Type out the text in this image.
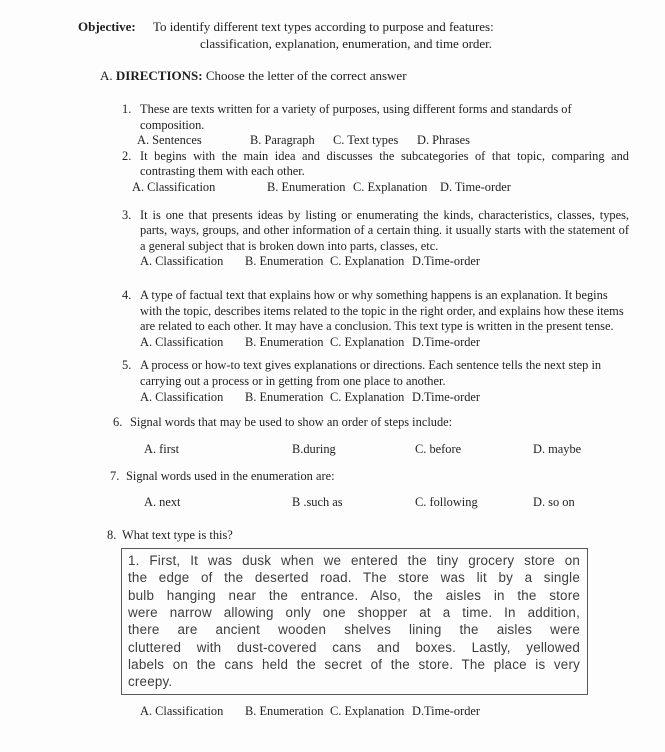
Objective:	To identify different text types according to purpose and features:
classification, explanation, enumeration, and time order.
A. DIRECTIONS: Choose the letter of the correct answer
1. These are texts written for a variety of purposes, using different forms and standards of composition.
A. Sentences	B. Paragraph	C. Text types	D. Phrases
2. It begins with the main idea and discusses the subcategories of that topic, comparing and contrasting them with each other.
A. Classification	B. Enumeration C. Explanation	D. Time-order
3. It is one that presents ideas by listing or enumerating the kinds, characteristics, classes, types, parts, ways, groups, and other information of a certain thing. it usually starts with the statement of a general subject that is broken down into parts, classes, etc.
A. Classification	B. Enumeration C. Explanation D.Time-order
4. A type of factual text that explains how or why something happens is an explanation. It begins with the topic, describes items related to the topic in the right order, and explains how these items are related to each other. It may have a conclusion. This text type is written in the present tense.
A. Classification	B. Enumeration C. Explanation D.Time-order
5. A process or how-to text gives explanations or directions. Each sentence tells the next step in carrying out a process or in getting from one place to another.
A. Classification	B. Enumeration C. Explanation D.Time-order
6. Signal words that may be used to show an order of steps include:
A. first	B.during	C. before	D. maybe
7. Signal words used in the enumeration are:
A. next	B .such as	C. following	D. so on
8. What text type is this?
1. First, It was dusk when we entered the tiny grocery store on
the edge of the deserted road. The store was lit by a single
bulb hanging near the entrance. Also, the aisles in the store
were narrow allowing only one shopper at a time. In addition,
there are ancient wooden shelves lining the aisles were
cluttered with dust-covered cans and boxes. Lastly, yellowed
labels on the cans held the secret of the store. The place is very
creepy.
A. Classification	B. Enumeration C. Explanation D.Time-order
